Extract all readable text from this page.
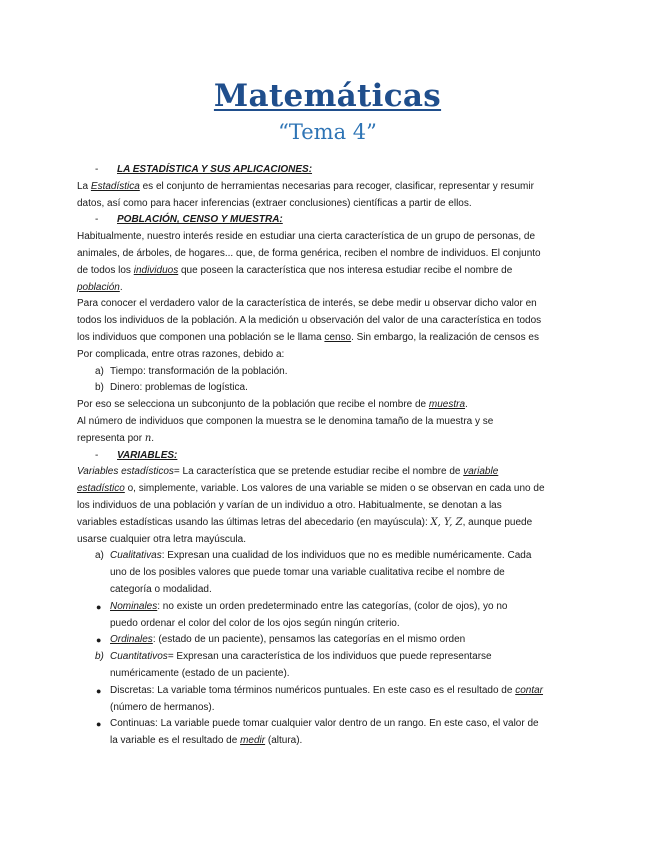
Matemáticas
“Tema 4”
- LA ESTADÍSTICA Y SUS APLICACIONES:
La Estadística es el conjunto de herramientas necesarias para recoger, clasificar, representar y resumir
datos, así como para hacer inferencias (extraer conclusiones) científicas a partir de ellos.
- POBLACIÓN, CENSO Y MUESTRA:
Habitualmente, nuestro interés reside en estudiar una cierta característica de un grupo de personas, de
animales, de árboles, de hogares... que, de forma genérica, reciben el nombre de individuos. El conjunto
de todos los individuos que poseen la característica que nos interesa estudiar recibe el nombre de
población.
Para conocer el verdadero valor de la característica de interés, se debe medir u observar dicho valor en
todos los individuos de la población. A la medición u observación del valor de una característica en todos
los individuos que componen una población se le llama censo. Sin embargo, la realización de censos es
Por complicada, entre otras razones, debido a:
a) Tiempo: transformación de la población.
b) Dinero: problemas de logística.
Por eso se selecciona un subconjunto de la población que recibe el nombre de muestra.
Al número de individuos que componen la muestra se le denomina tamaño de la muestra y se
representa por n.
- VARIABLES:
Variables estadísticos= La característica que se pretende estudiar recibe el nombre de variable
estadístico o, simplemente, variable. Los valores de una variable se miden o se observan en cada uno de
los individuos de una población y varían de un individuo a otro. Habitualmente, se denotan a las
variables estadísticas usando las últimas letras del abecedario (en mayúscula): X, Y, Z, aunque puede
usarse cualquier otra letra mayúscula.
a) Cualitativas: Expresan una cualidad de los individuos que no es medible numéricamente. Cada
uno de los posibles valores que puede tomar una variable cualitativa recibe el nombre de
categoría o modalidad.
● Nominales: no existe un orden predeterminado entre las categorías, (color de ojos), yo no
puedo ordenar el color del color de los ojos según ningún criterio.
● Ordinales: (estado de un paciente), pensamos las categorías en el mismo orden
b) Cuantitativos= Expresan una característica de los individuos que puede representarse
numéricamente (estado de un paciente).
● Discretas: La variable toma términos numéricos puntuales. En este caso es el resultado de contar
(número de hermanos).
● Continuas: La variable puede tomar cualquier valor dentro de un rango. En este caso, el valor de
la variable es el resultado de medir (altura).
